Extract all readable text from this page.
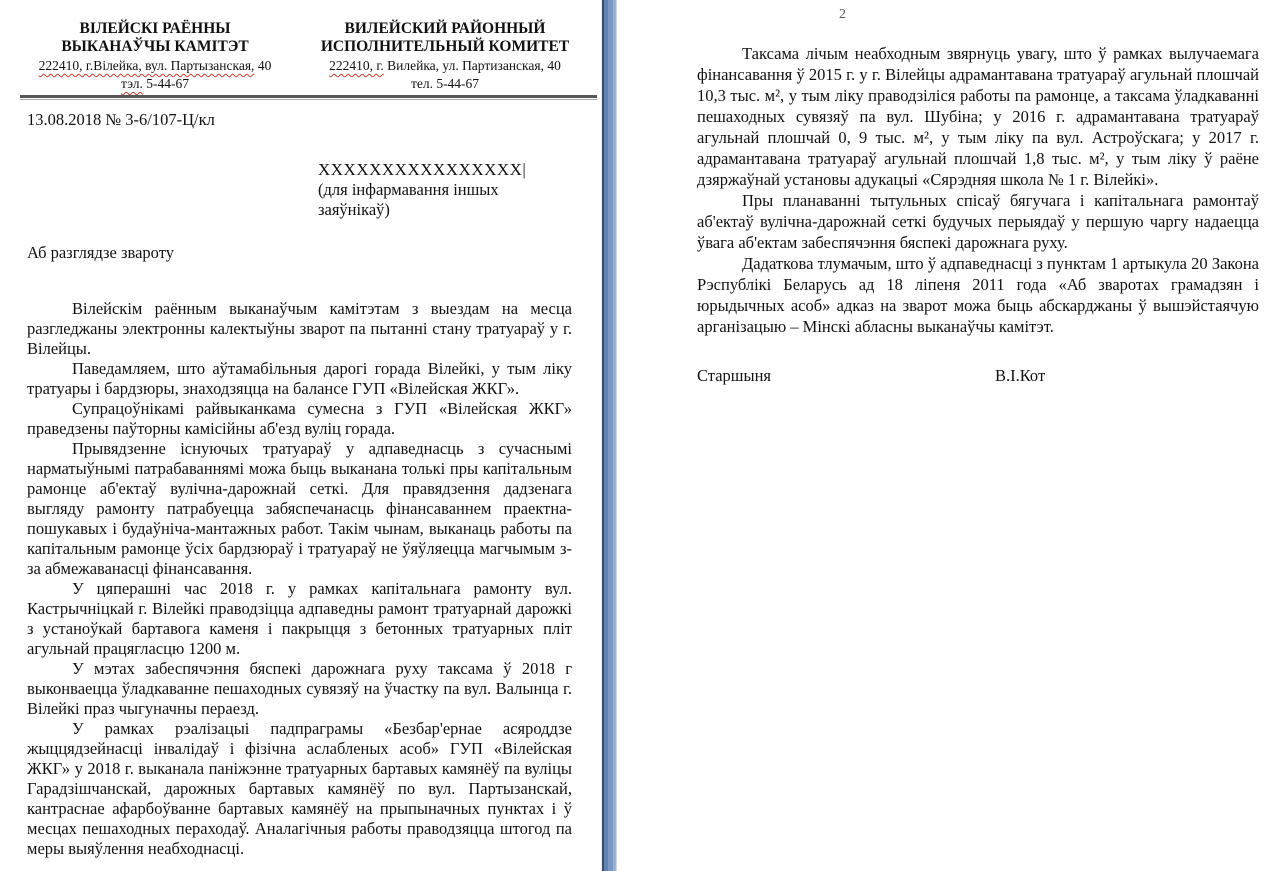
ВІЛЕЙСКІ РАЁННЫ
ВЫКАНАЎЧЫ КАМІТЭТ
222410, г.Вілейка, вул. Партызанская, 40
тэл. 5-44-67
ВИЛЕЙСКИЙ РАЙОННЫЙ
ИСПОЛНИТЕЛЬНЫЙ КОМИТЕТ
222410, г. Вилейка, ул. Партизанская, 40
тел. 5-44-67
13.08.2018 № 3-6/107-Ц/кл
ХХХХХХХХХХХХХХХХ|
(для інфармавання іншых заяўнікаў)
Аб разглядзе звароту

Вілейскім раённым выканаўчым камітэтам з выездам на месца разгледжаны электронны калектыўны зварот па пытанні стану тратуараў у г. Вілейцы.

Паведамляем, што аўтамабільныя дарогі горада Вілейкі, у тым ліку тратуары і бардзюры, знаходзяцца на балансе ГУП «Вілейская ЖКГ».

Супрацоўнікамі райвыканкама сумесна з ГУП «Вілейская ЖКГ» праведзены паўторны камісійны аб'езд вуліц горада.

Прывядзенне існуючых тратуараў у адпаведнасць з сучаснымі нарматыўнымі патрабаваннямі можа быць выканана толькі пры капітальным рамонце аб'ектаў вулічна-дарожнай сеткі. Для правядзення дадзенага выгляду рамонту патрабуецца забяспечанасць фінансаваннем праектна-пошукавых і будаўніча-мантажных работ. Такім чынам, выканаць работы па капітальным рамонце ўсіх бардзюраў і тратуараў не ўяўляецца магчымым з-за абмежаванасці фінансавання.

У цяперашні час 2018 г. у рамках капітальнага рамонту вул. Кастрычніцкай г. Вілейкі праводзіцца адпаведны рамонт тратуарнай дарожкі з устаноўкай бартавога каменя і пакрыцця з бетонных тратуарных пліт агульнай працягласцю 1200 м.

У мэтах забеспячэння бяспекі дарожнага руху таксама ў 2018 г выконваецца ўладкаванне пешаходных сувязяў на ўчастку па вул. Валынца г. Вілейкі праз чыгуначны пераезд.

У рамках рэалізацыі падпраграмы «Безбар'ернае асяроддзе жыццядзейнасці інвалідаў і фізічна аслабленых асоб» ГУП «Вілейская ЖКГ» у 2018 г. выканала паніжэнне тратуарных бартавых камянёў па вуліцы Гарадзішчанскай, дарожных бартавых камянёў по вул. Партызанскай, кантраснае афарбоўванне бартавых камянёў на прыпыначных пунктах і ў месцах пешаходных пераходаў. Аналагічныя работы праводзяцца штогод па меры выяўлення неабходнасці.

2

Таксама лічым неабходным звярнуць увагу, што ў рамках вылучаемага фінансавання ў 2015 г. у г. Вілейцы адрамантавана тратуараў агульнай плошчай 10,3 тыс. м², у тым ліку праводзіліся работы па рамонце, а таксама ўладкаванні пешаходных сувязяў па вул. Шубіна; у 2016 г. адрамантавана тратуараў агульнай плошчай 0, 9 тыс. м², у тым ліку па вул. Астроўскага; у 2017 г. адрамантавана тратуараў агульнай плошчай 1,8 тыс. м², у тым ліку ў раёне дзяржаўнай установы адукацыі «Сярэдняя школа № 1 г. Вілейкі».

Пры планаванні тытульных спісаў бягучага і капітальнага рамонтаў аб'ектаў вулічна-дарожнай сеткі будучых перыядаў у першую чаргу надаецца ўвага аб'ектам забеспячэння бяспекі дарожнага руху.

Дадаткова тлумачым, што ў адпаведнасці з пунктам 1 артыкула 20 Закона Рэспублікі Беларусь ад 18 ліпеня 2011 года «Аб зваротах грамадзян і юрыдычных асоб» адказ на зварот можа быць абскарджаны ў вышэйстаячую арганізацыю – Мінскі абласны выканаўчы камітэт.

Старшыня	В.І.Кот
